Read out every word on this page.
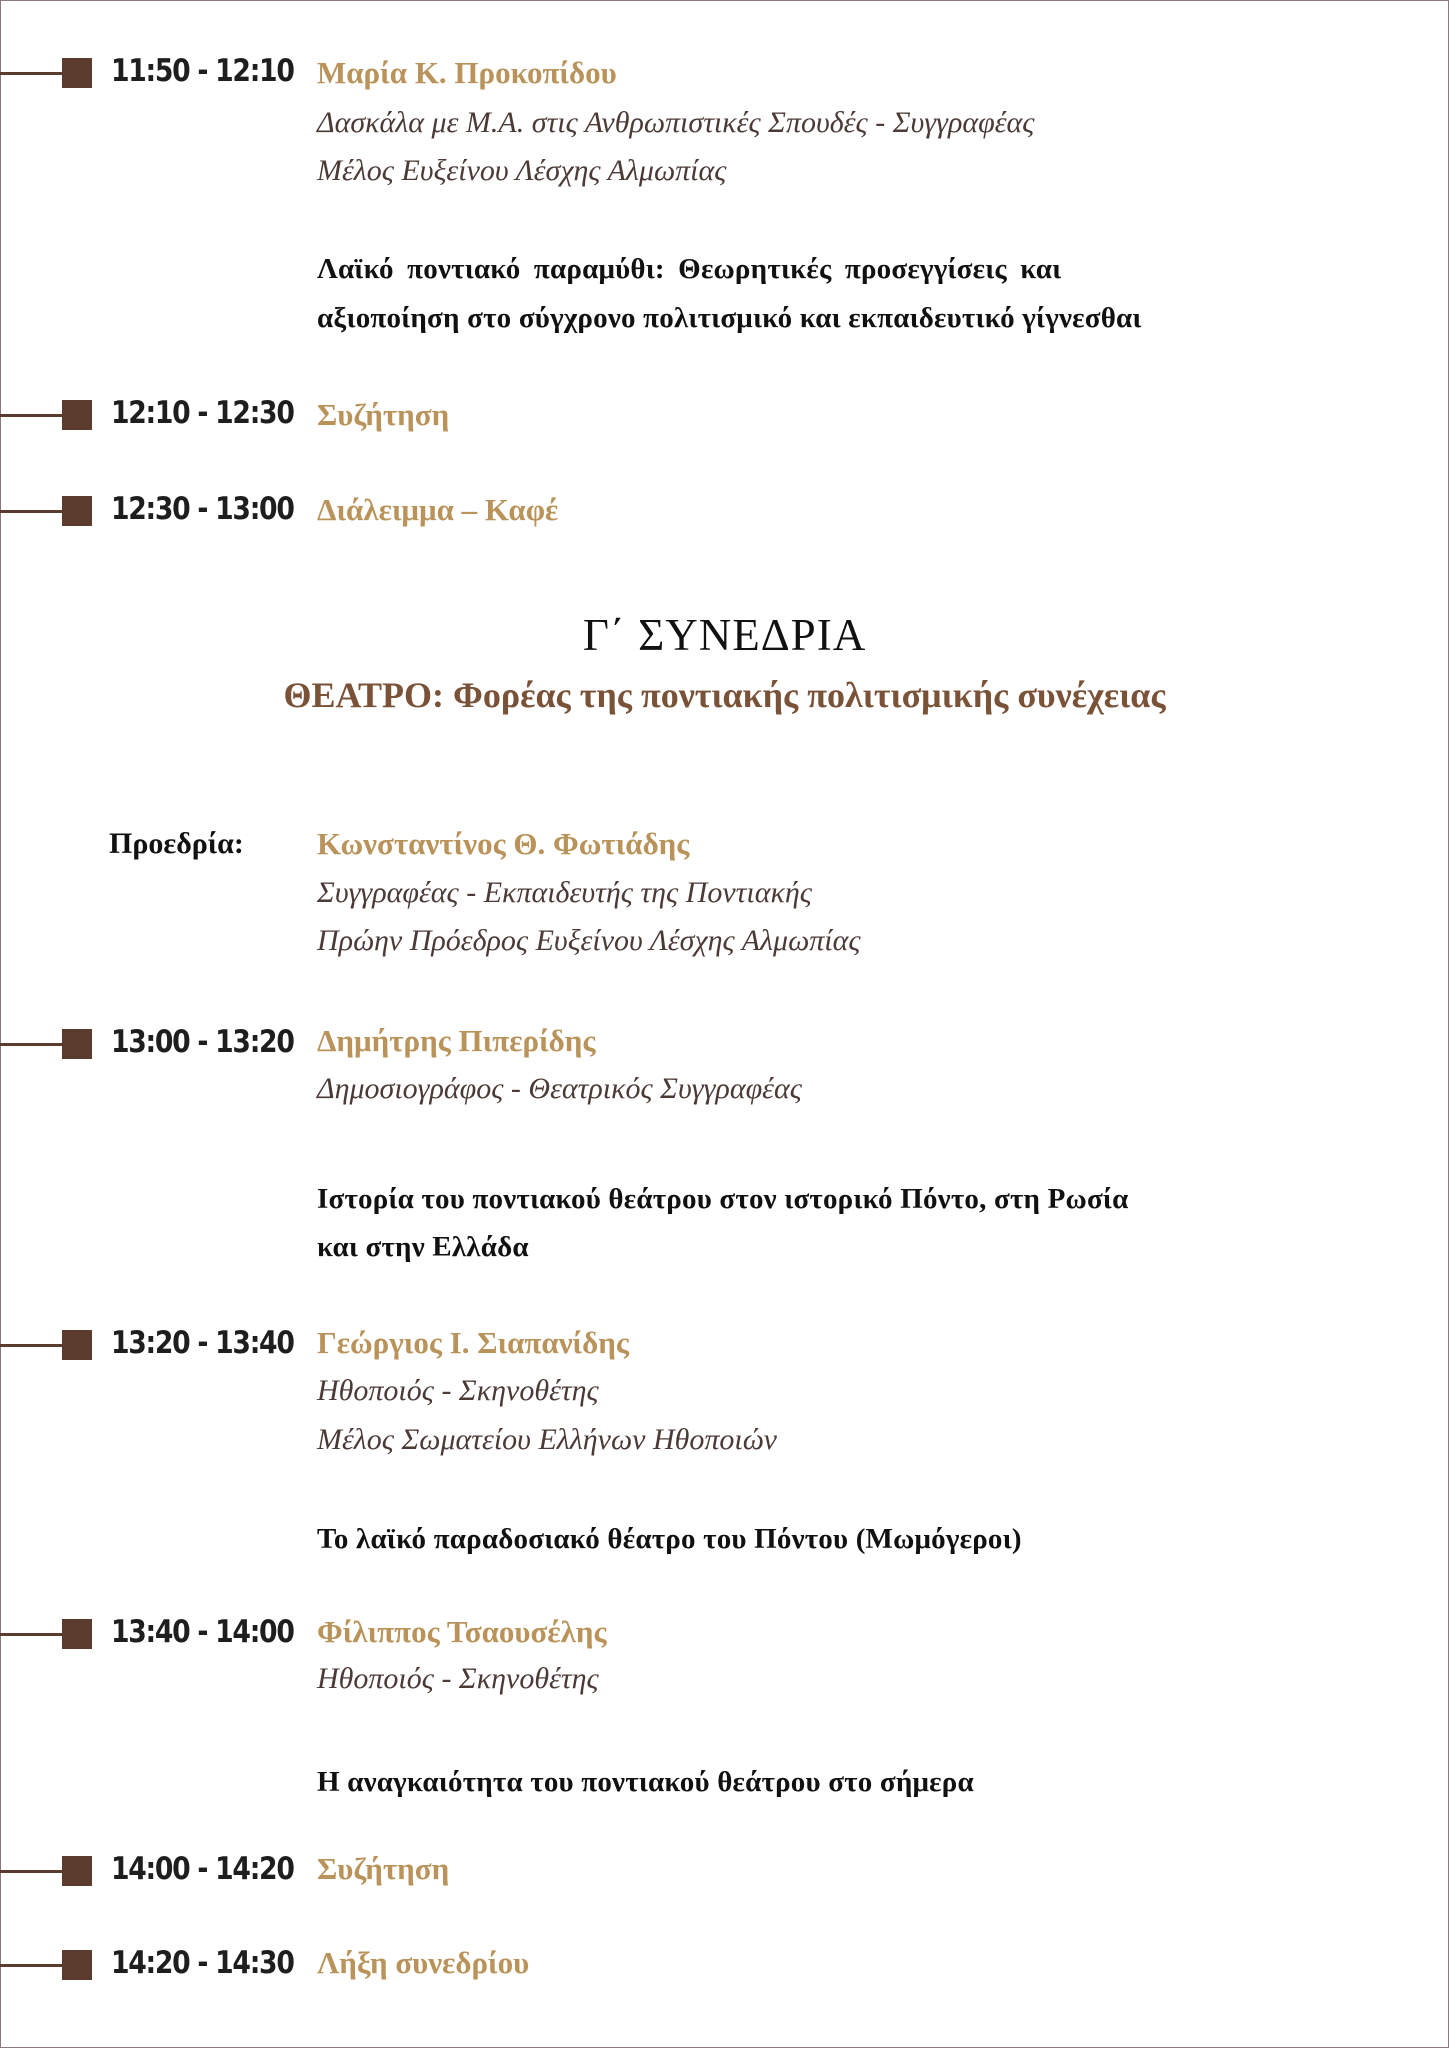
11:50 - 12:10 Μαρία Κ. Προκοπίδου
Δασκάλα με Μ.Α. στις Ανθρωπιστικές Σπουδές - Συγγραφέας
Μέλος Ευξείνου Λέσχης Αλμωπίας
Λαϊκό ποντιακό παραμύθι: Θεωρητικές προσεγγίσεις και
αξιοποίηση στο σύγχρονο πολιτισμικό και εκπαιδευτικό γίγνεσθαι
12:10 - 12:30 Συζήτηση
12:30 - 13:00 Διάλειμμα – Καφέ
Γ΄ ΣΥΝΕΔΡΙΑ
ΘΕΑΤΡΟ: Φορέας της ποντιακής πολιτισμικής συνέχειας
Προεδρία: Κωνσταντίνος Θ. Φωτιάδης
Συγγραφέας - Εκπαιδευτής της Ποντιακής
Πρώην Πρόεδρος Ευξείνου Λέσχης Αλμωπίας
13:00 - 13:20 Δημήτρης Πιπερίδης
Δημοσιογράφος - Θεατρικός Συγγραφέας
Ιστορία του ποντιακού θεάτρου στον ιστορικό Πόντο, στη Ρωσία
και στην Ελλάδα
13:20 - 13:40 Γεώργιος Ι. Σιαπανίδης
Ηθοποιός - Σκηνοθέτης
Μέλος Σωματείου Ελλήνων Ηθοποιών
Το λαϊκό παραδοσιακό θέατρο του Πόντου (Μωμόγεροι)
13:40 - 14:00 Φίλιππος Τσαουσέλης
Ηθοποιός - Σκηνοθέτης
Η αναγκαιότητα του ποντιακού θεάτρου στο σήμερα
14:00 - 14:20 Συζήτηση
14:20 - 14:30 Λήξη συνεδρίου
